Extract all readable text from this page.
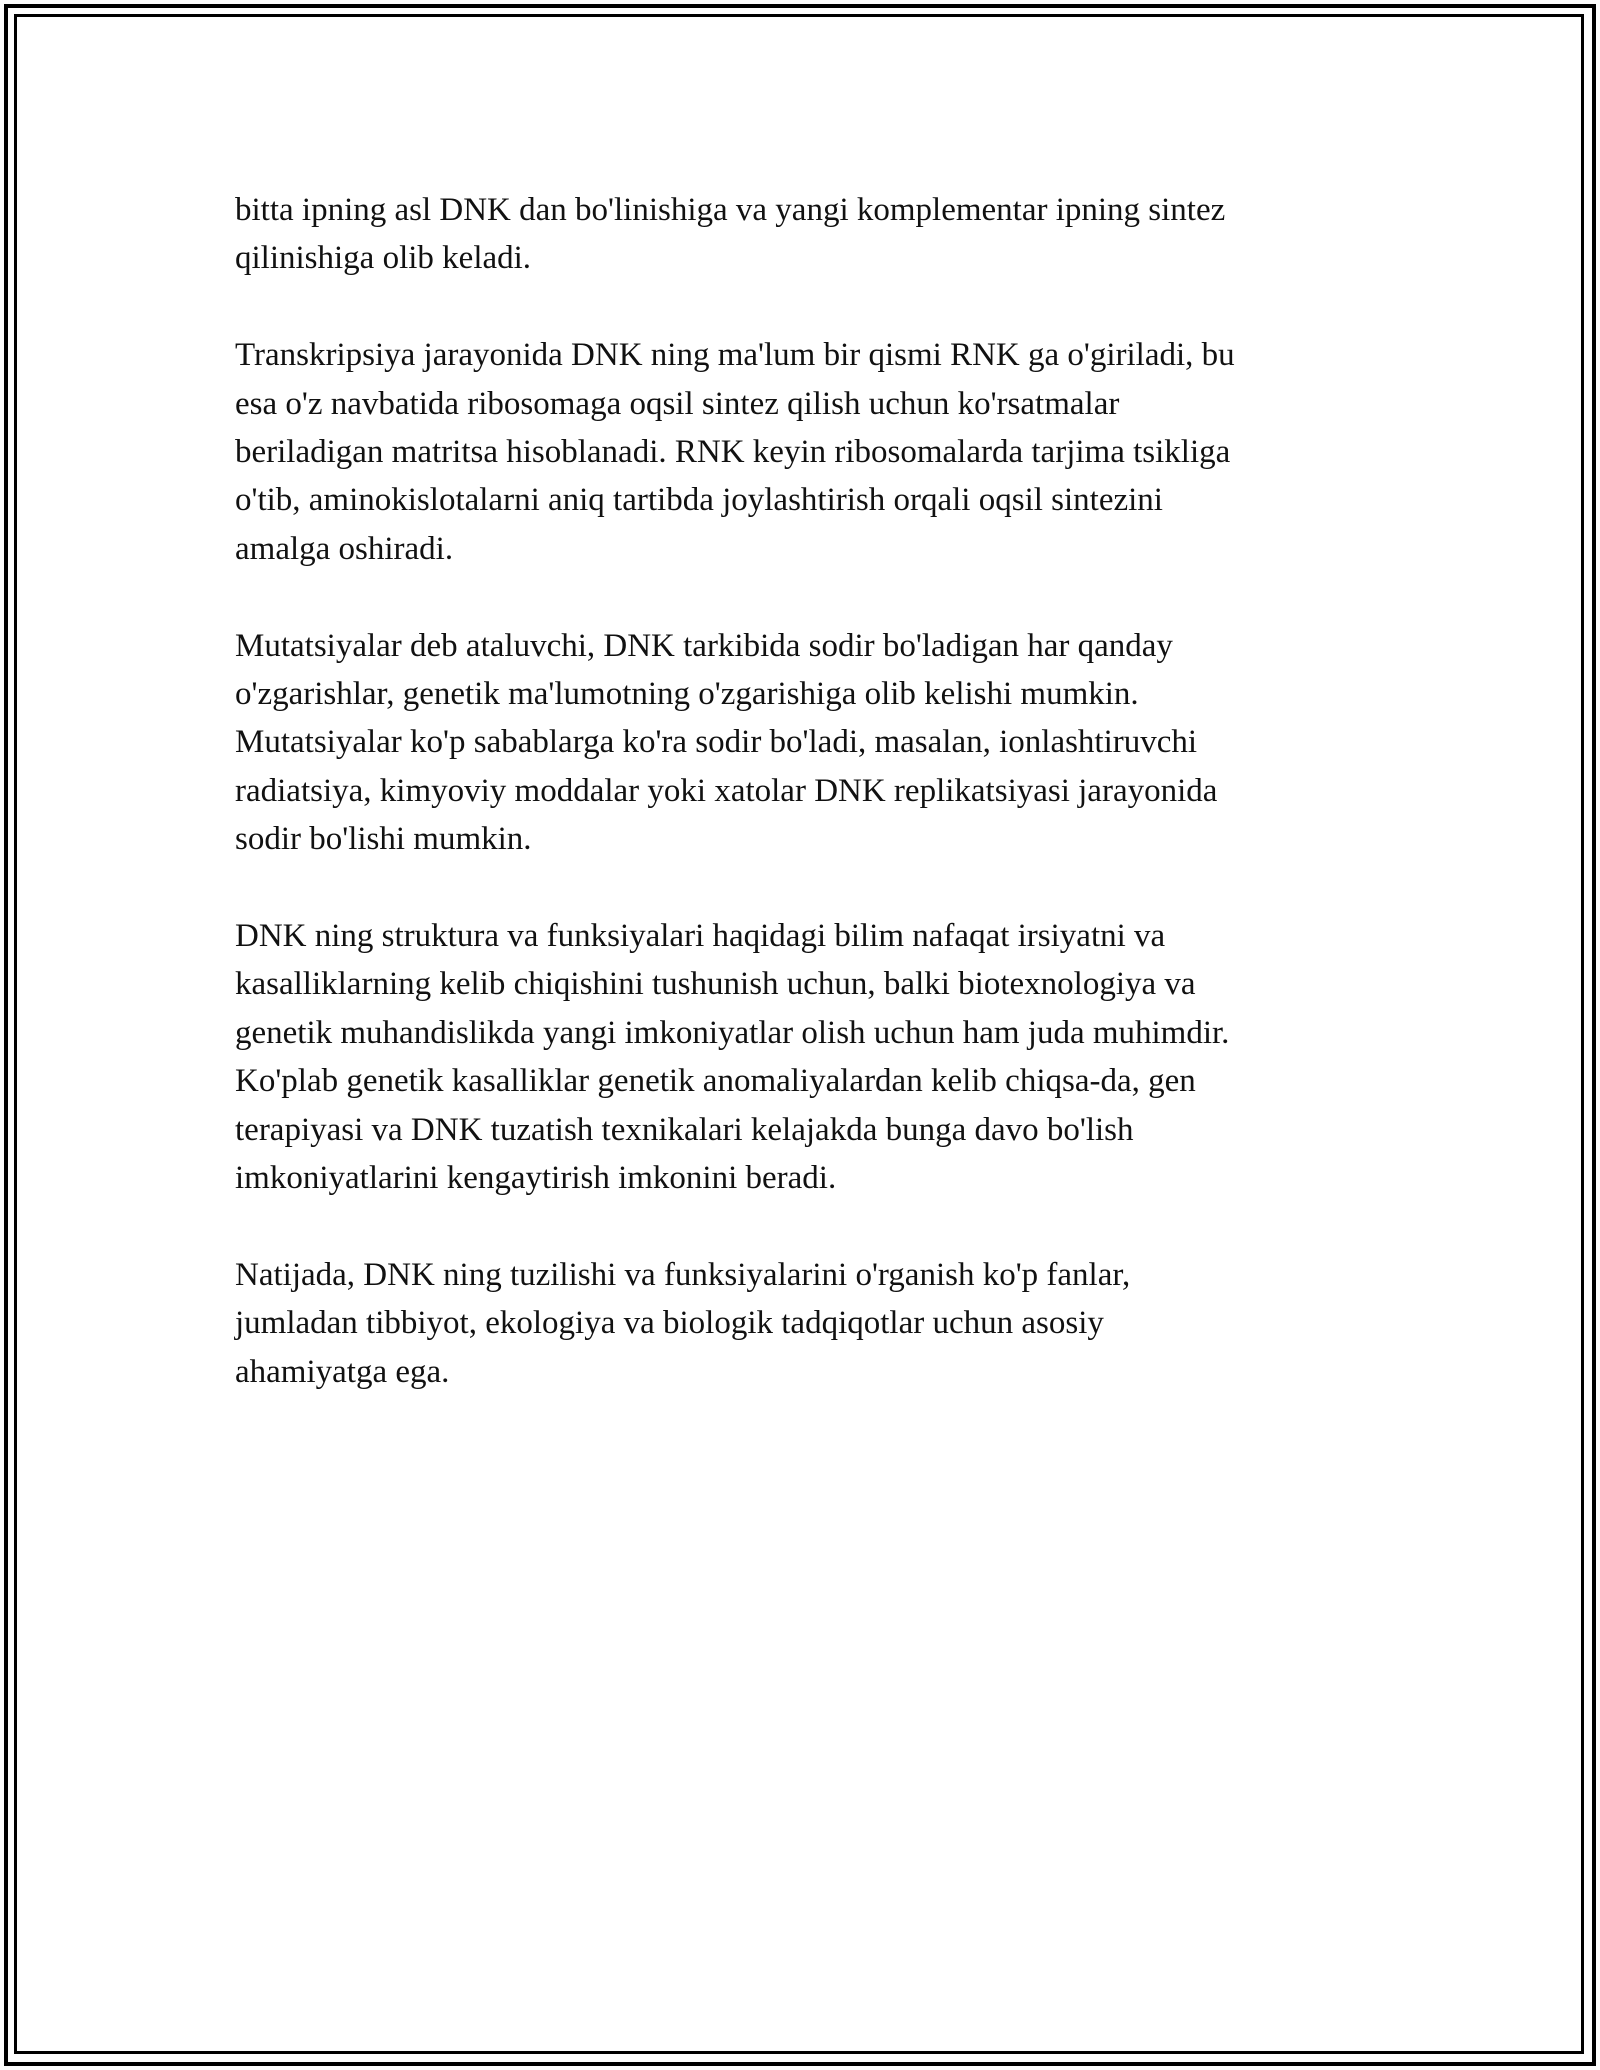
bitta ipning asl DNK dan bo'linishiga va yangi komplementar ipning sintez
qilinishiga olib keladi.

Transkripsiya jarayonida DNK ning ma'lum bir qismi RNK ga o'giriladi, bu
esa o'z navbatida ribosomaga oqsil sintez qilish uchun ko'rsatmalar
beriladigan matritsa hisoblanadi. RNK keyin ribosomalarda tarjima tsikliga
o'tib, aminokislotalarni aniq tartibda joylashtirish orqali oqsil sintezini
amalga oshiradi.

Mutatsiyalar deb ataluvchi, DNK tarkibida sodir bo'ladigan har qanday
o'zgarishlar, genetik ma'lumotning o'zgarishiga olib kelishi mumkin.
Mutatsiyalar ko'p sabablarga ko'ra sodir bo'ladi, masalan, ionlashtiruvchi
radiatsiya, kimyoviy moddalar yoki xatolar DNK replikatsiyasi jarayonida
sodir bo'lishi mumkin.

DNK ning struktura va funksiyalari haqidagi bilim nafaqat irsiyatni va
kasalliklarning kelib chiqishini tushunish uchun, balki biotexnologiya va
genetik muhandislikda yangi imkoniyatlar olish uchun ham juda muhimdir.
Ko'plab genetik kasalliklar genetik anomaliyalardan kelib chiqsa-da, gen
terapiyasi va DNK tuzatish texnikalari kelajakda bunga davo bo'lish
imkoniyatlarini kengaytirish imkonini beradi.

Natijada, DNK ning tuzilishi va funksiyalarini o'rganish ko'p fanlar,
jumladan tibbiyot, ekologiya va biologik tadqiqotlar uchun asosiy
ahamiyatga ega.
